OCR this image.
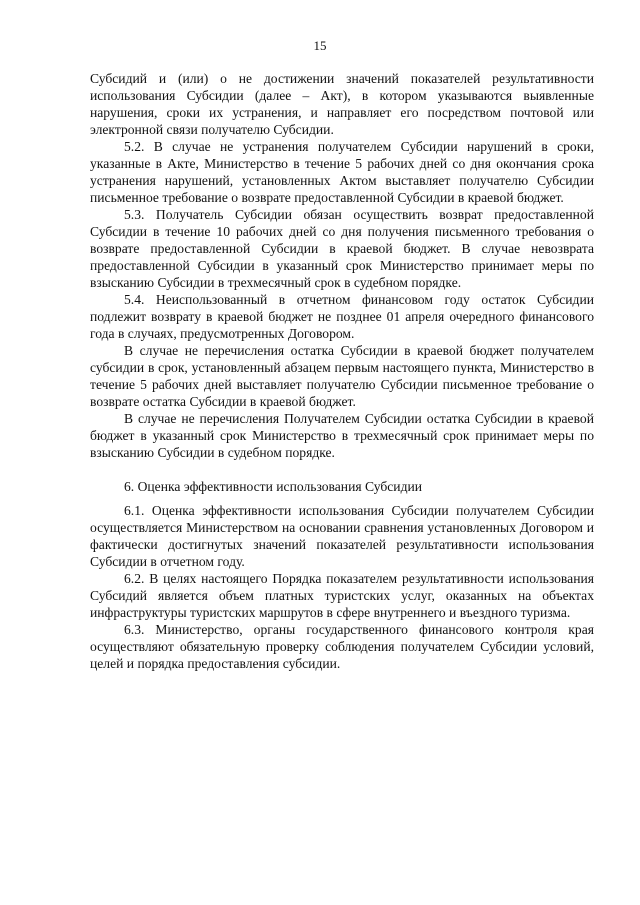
15

Субсидий и (или) о не достижении значений показателей результативности использования Субсидии (далее – Акт), в котором указываются выявленные нарушения, сроки их устранения, и направляет его посредством почтовой или электронной связи получателю Субсидии.

5.2. В случае не устранения получателем Субсидии нарушений в сроки, указанные в Акте, Министерство в течение 5 рабочих дней со дня окончания срока устранения нарушений, установленных Актом выставляет получателю Субсидии письменное требование о возврате предоставленной Субсидии в краевой бюджет.

5.3. Получатель Субсидии обязан осуществить возврат предоставленной Субсидии в течение 10 рабочих дней со дня получения письменного требования о возврате предоставленной Субсидии в краевой бюджет. В случае невозврата предоставленной Субсидии в указанный срок Министерство принимает меры по взысканию Субсидии в трехмесячный срок в судебном порядке.

5.4. Неиспользованный в отчетном финансовом году остаток Субсидии подлежит возврату в краевой бюджет не позднее 01 апреля очередного финансового года в случаях, предусмотренных Договором.

В случае не перечисления остатка Субсидии в краевой бюджет получателем субсидии в срок, установленный абзацем первым настоящего пункта, Министерство в течение 5 рабочих дней выставляет получателю Субсидии письменное требование о возврате остатка Субсидии в краевой бюджет.

В случае не перечисления Получателем Субсидии остатка Субсидии в краевой бюджет в указанный срок Министерство в трехмесячный срок принимает меры по взысканию Субсидии в судебном порядке.

6. Оценка эффективности использования Субсидии

6.1. Оценка эффективности использования Субсидии получателем Субсидии осуществляется Министерством на основании сравнения установленных Договором и фактически достигнутых значений показателей результативности использования Субсидии в отчетном году.

6.2. В целях настоящего Порядка показателем результативности использования Субсидий является объем платных туристских услуг, оказанных на объектах инфраструктуры туристских маршрутов в сфере внутреннего и въездного туризма.

6.3. Министерство, органы государственного финансового контроля края осуществляют обязательную проверку соблюдения получателем Субсидии условий, целей и порядка предоставления субсидии.
